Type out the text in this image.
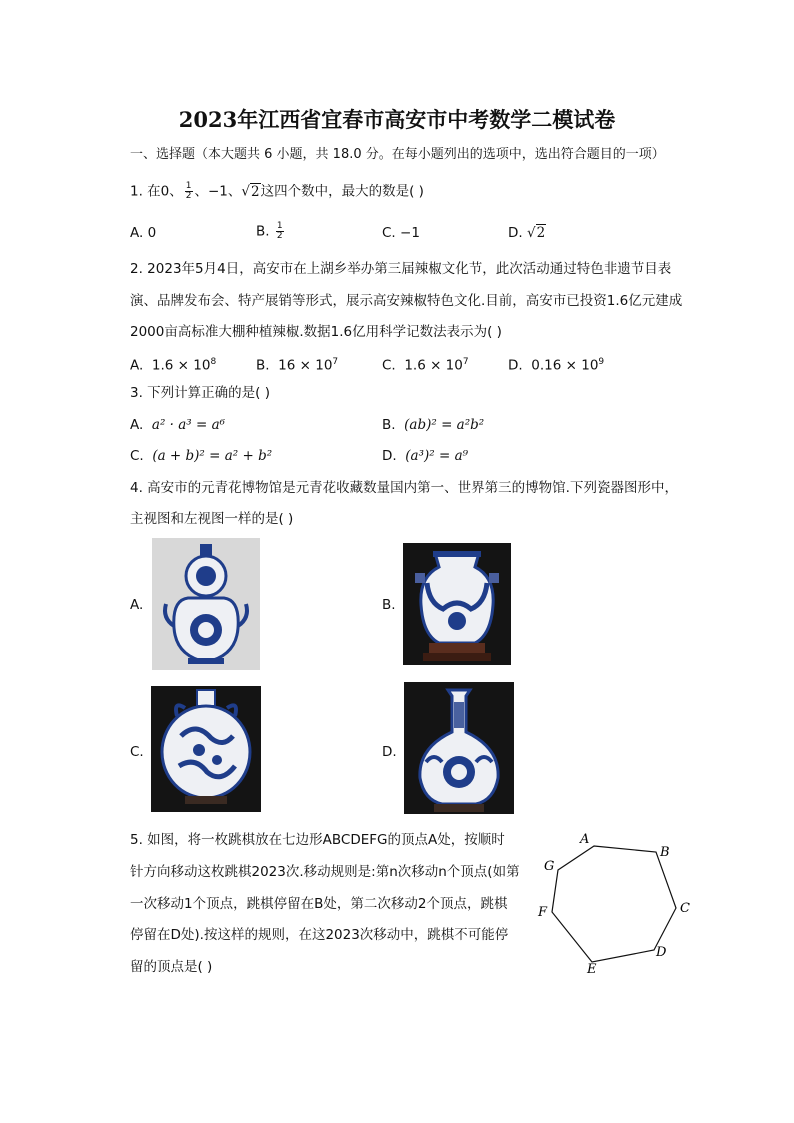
2023年江西省宜春市高安市中考数学二模试卷
一、选择题（本大题共 6 小题，共 18.0 分。在每小题列出的选项中，选出符合题目的一项）
1. 在0、 $\frac{1}{2}$ 、−1、√2这四个数中，最大的数是( )
A. 0	B. $\frac{1}{2}$	C. −1	D. √2
2. 2023年5月4日，高安市在上湖乡举办第三届辣椒文化节，此次活动通过特色非遗节目表
演、品牌发布会、特产展销等形式，展示高安辣椒特色文化.目前，高安市已投资1.6亿元建成
2000亩高标准大棚种植辣椒.数据1.6亿用科学记数法表示为( )
A. $1.6 \times 10^8$	B. $16 \times 10^7$	C. $1.6 \times 10^7$	D. $0.16 \times 10^9$
3. 下列计算正确的是( )
A. a² · a³ = a⁶	B. (ab)² = a²b²
C. (a + b)² = a² + b²	D. (a³)² = a⁹
4. 高安市的元青花博物馆是元青花收藏数量国内第一、世界第三的博物馆.下列瓷器图形中，
主视图和左视图一样的是( )
A.	B.
C.	D.
5. 如图，将一枚跳棋放在七边形ABCDEFG的顶点A处，按顺时
针方向移动这枚跳棋2023次.移动规则是:第n次移动n个顶点(如第
一次移动1个顶点，跳棋停留在B处，第二次移动2个顶点，跳棋
停留在D处).按这样的规则，在这2023次移动中，跳棋不可能停
留的顶点是( )
A
B
C
D
E
F
G
